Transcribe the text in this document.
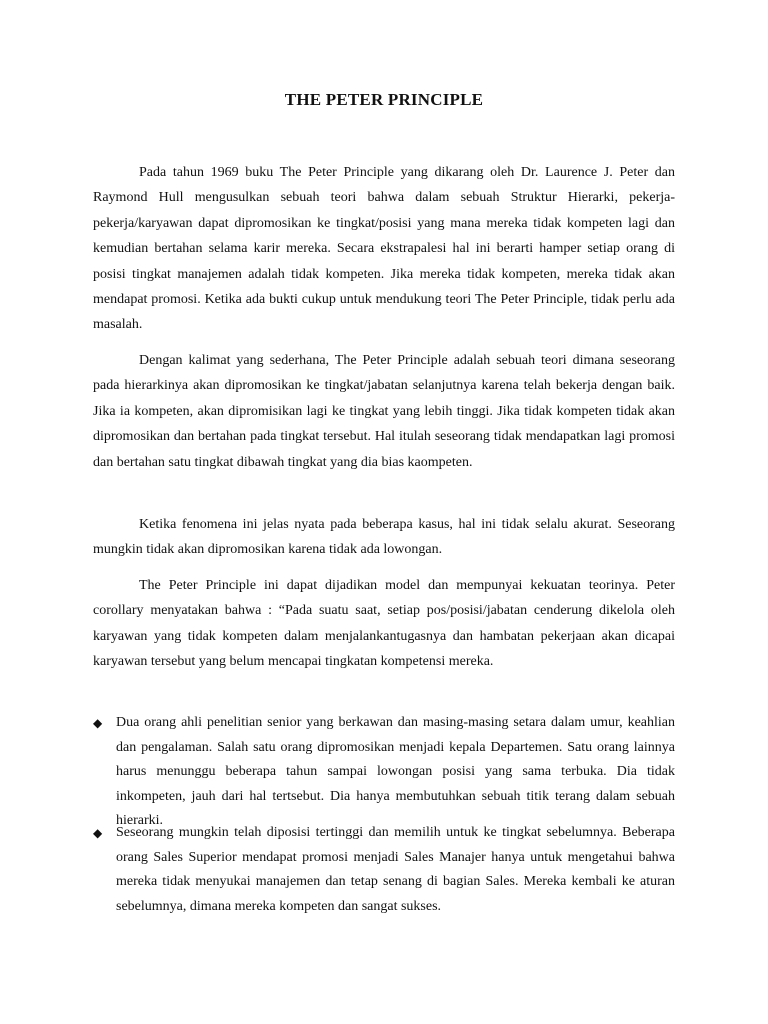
THE PETER PRINCIPLE

Pada tahun 1969 buku The Peter Principle yang dikarang oleh Dr. Laurence J. Peter dan Raymond Hull mengusulkan sebuah teori bahwa dalam sebuah Struktur Hierarki, pekerja-pekerja/karyawan dapat dipromosikan ke tingkat/posisi yang mana mereka tidak kompeten lagi dan kemudian bertahan selama karir mereka. Secara ekstrapalesi hal ini berarti hamper setiap orang di posisi tingkat manajemen adalah tidak kompeten. Jika mereka tidak kompeten, mereka tidak akan mendapat promosi. Ketika ada bukti cukup untuk mendukung teori The Peter Principle, tidak perlu ada masalah.

Dengan kalimat yang sederhana, The Peter Principle adalah sebuah teori dimana seseorang pada hierarkinya akan dipromosikan ke tingkat/jabatan selanjutnya karena telah bekerja dengan baik. Jika ia kompeten, akan dipromisikan lagi ke tingkat yang lebih tinggi. Jika tidak kompeten tidak akan dipromosikan dan bertahan pada tingkat tersebut. Hal itulah seseorang tidak mendapatkan lagi promosi dan bertahan satu tingkat dibawah tingkat yang dia bias kaompeten.

Ketika fenomena ini jelas nyata pada beberapa kasus, hal ini tidak selalu akurat. Seseorang mungkin tidak akan dipromosikan karena tidak ada lowongan.

The Peter Principle ini dapat dijadikan model dan mempunyai kekuatan teorinya. Peter corollary menyatakan bahwa : “Pada suatu saat, setiap pos/posisi/jabatan cenderung dikelola oleh karyawan yang tidak kompeten dalam menjalankantugasnya dan hambatan pekerjaan akan dicapai karyawan tersebut yang belum mencapai tingkatan kompetensi mereka.

◆ Dua orang ahli penelitian senior yang berkawan dan masing-masing setara dalam umur, keahlian dan pengalaman. Salah satu orang dipromosikan menjadi kepala Departemen. Satu orang lainnya harus menunggu beberapa tahun sampai lowongan posisi yang sama terbuka. Dia tidak inkompeten, jauh dari hal tertsebut. Dia hanya membutuhkan sebuah titik terang dalam sebuah hierarki.
◆ Seseorang mungkin telah diposisi tertinggi dan memilih untuk ke tingkat sebelumnya. Beberapa orang Sales Superior mendapat promosi menjadi Sales Manajer hanya untuk mengetahui bahwa mereka tidak menyukai manajemen dan tetap senang di bagian Sales. Mereka kembali ke aturan sebelumnya, dimana mereka kompeten dan sangat sukses.
